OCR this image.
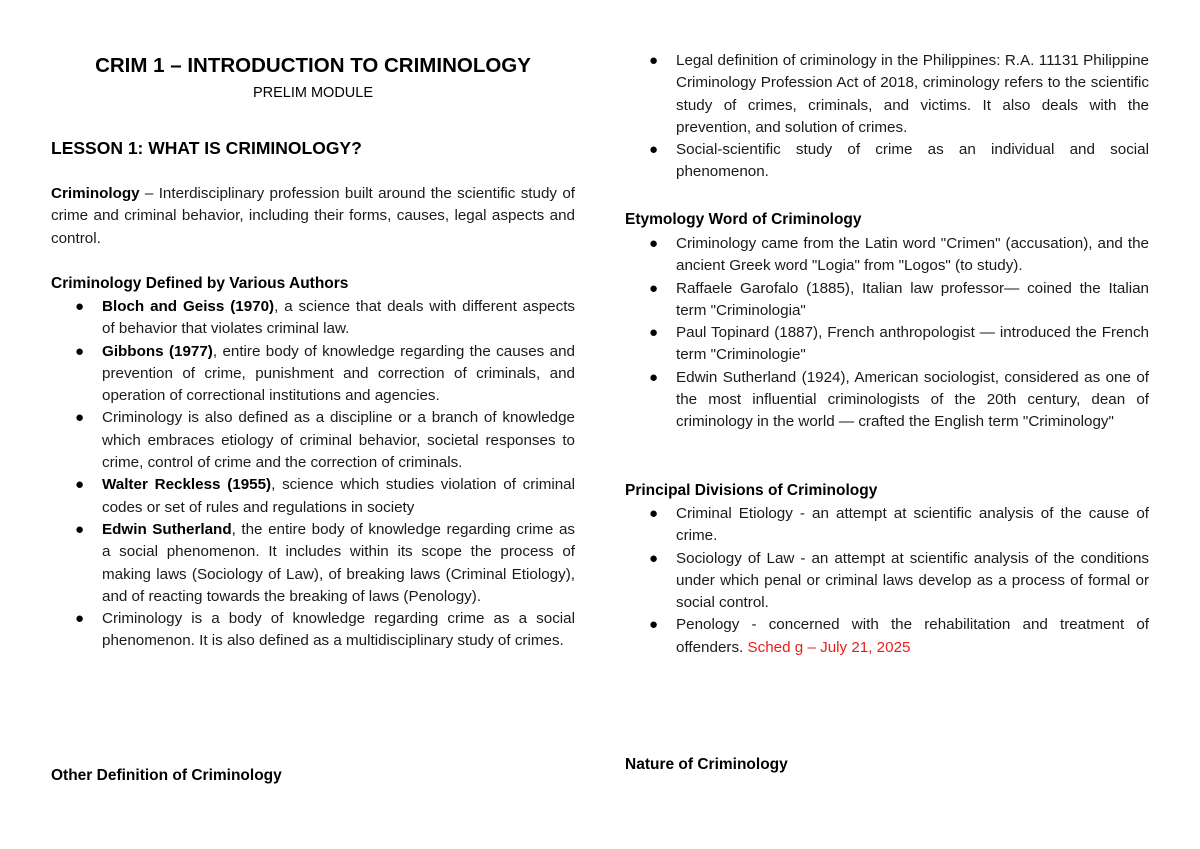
CRIM 1 – INTRODUCTION TO CRIMINOLOGY
PRELIM MODULE
LESSON 1: WHAT IS CRIMINOLOGY?
Criminology – Interdisciplinary profession built around the scientific study of crime and criminal behavior, including their forms, causes, legal aspects and control.
Criminology Defined by Various Authors
● Bloch and Geiss (1970), a science that deals with different aspects of behavior that violates criminal law.
● Gibbons (1977), entire body of knowledge regarding the causes and prevention of crime, punishment and correction of criminals, and operation of correctional institutions and agencies.
● Criminology is also defined as a discipline or a branch of knowledge which embraces etiology of criminal behavior, societal responses to crime, control of crime and the correction of criminals.
● Walter Reckless (1955), science which studies violation of criminal codes or set of rules and regulations in society
● Edwin Sutherland, the entire body of knowledge regarding crime as a social phenomenon. It includes within its scope the process of making laws (Sociology of Law), of breaking laws (Criminal Etiology), and of reacting towards the breaking of laws (Penology).
● Criminology is a body of knowledge regarding crime as a social phenomenon. It is also defined as a multidisciplinary study of crimes.
Other Definition of Criminology
● Legal definition of criminology in the Philippines: R.A. 11131 Philippine Criminology Profession Act of 2018, criminology refers to the scientific study of crimes, criminals, and victims. It also deals with the prevention, and solution of crimes.
● Social-scientific study of crime as an individual and social phenomenon.
Etymology Word of Criminology
● Criminology came from the Latin word "Crimen" (accusation), and the ancient Greek word "Logia" from "Logos" (to study).
● Raffaele Garofalo (1885), Italian law professor— coined the Italian term "Criminologia"
● Paul Topinard (1887), French anthropologist — introduced the French term "Criminologie"
● Edwin Sutherland (1924), American sociologist, considered as one of the most influential criminologists of the 20th century, dean of criminology in the world — crafted the English term "Criminology"
Principal Divisions of Criminology
● Criminal Etiology - an attempt at scientific analysis of the cause of crime.
● Sociology of Law - an attempt at scientific analysis of the conditions under which penal or criminal laws develop as a process of formal or social control.
● Penology - concerned with the rehabilitation and treatment of offenders. Sched g – July 21, 2025
Nature of Criminology
